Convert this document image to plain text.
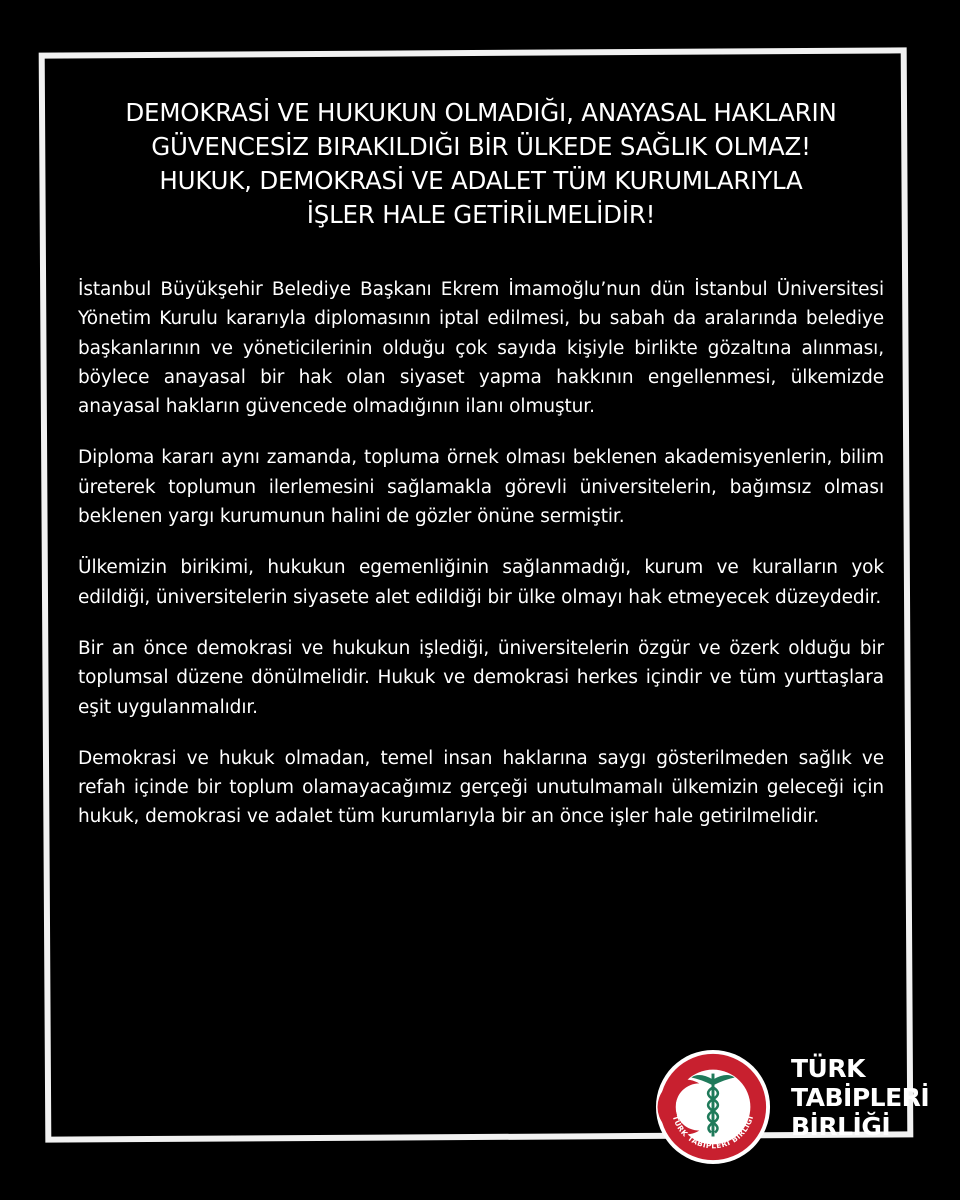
DEMOKRASİ VE HUKUKUN OLMADIĞI, ANAYASAL HAKLARIN
GÜVENCESİZ BIRAKILDIĞI BİR ÜLKEDE SAĞLIK OLMAZ!
HUKUK, DEMOKRASİ VE ADALET TÜM KURUMLARIYLA
İŞLER HALE GETİRİLMELİDİR!

İstanbul Büyükşehir Belediye Başkanı Ekrem İmamoğlu’nun dün İstanbul Üniversitesi Yönetim Kurulu kararıyla diplomasının iptal edilmesi, bu sabah da aralarında belediye başkanlarının ve yöneticilerinin olduğu çok sayıda kişiyle birlikte gözaltına alınması, böylece anayasal bir hak olan siyaset yapma hakkının engellenmesi, ülkemizde anayasal hakların güvencede olmadığının ilanı olmuştur.

Diploma kararı aynı zamanda, topluma örnek olması beklenen akademisyenlerin, bilim üreterek toplumun ilerlemesini sağlamakla görevli üniversitelerin, bağımsız olması beklenen yargı kurumunun halini de gözler önüne sermiştir.

Ülkemizin birikimi, hukukun egemenliğinin sağlanmadığı, kurum ve kuralların yok edildiği, üniversitelerin siyasete alet edildiği bir ülke olmayı hak etmeyecek düzeydedir.

Bir an önce demokrasi ve hukukun işlediği, üniversitelerin özgür ve özerk olduğu bir toplumsal düzene dönülmelidir. Hukuk ve demokrasi herkes içindir ve tüm yurttaşlara eşit uygulanmalıdır.

Demokrasi ve hukuk olmadan, temel insan haklarına saygı gösterilmeden sağlık ve refah içinde bir toplum olamayacağımız gerçeği unutulmamalı ülkemizin geleceği için hukuk, demokrasi ve adalet tüm kurumlarıyla bir an önce işler hale getirilmelidir.

TÜRK TABİPLERİ BİRLİĞİ
TÜRK
TABİPLERİ
BİRLİĞİ
